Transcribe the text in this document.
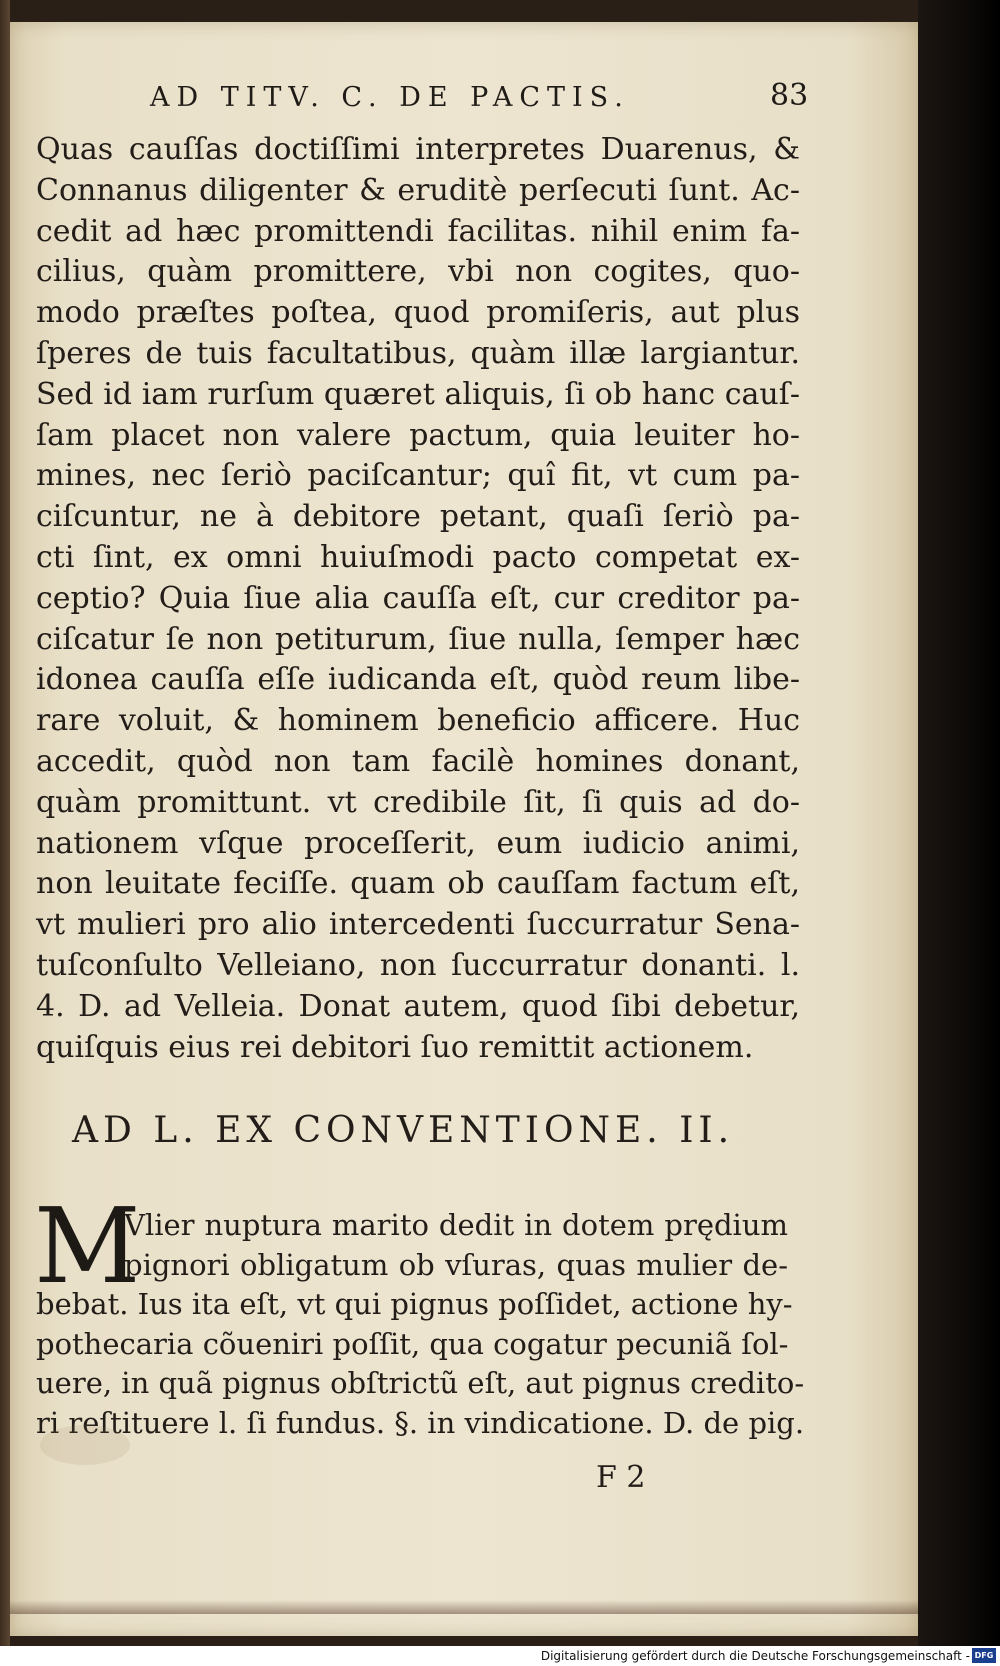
AD TITV. C. DE PACTIS.	83
Quas cauſſas doctiſſimi interpretes Duarenus, &
Connanus diligenter & eruditè perſecuti ſunt. Ac-
cedit ad hæc promittendi facilitas. nihil enim fa-
cilius, quàm promittere, vbi non cogites, quo-
modo præſtes poſtea, quod promiſeris, aut plus
ſperes de tuis facultatibus, quàm illæ largiantur.
Sed id iam rurſum quæret aliquis, ſi ob hanc cauſ-
ſam placet non valere pactum, quia leuiter ho-
mines, nec ſeriò paciſcantur; quî fit, vt cum pa-
ciſcuntur, ne à debitore petant, quaſi ſeriò pa-
cti ſint, ex omni huiuſmodi pacto competat ex-
ceptio? Quia ſiue alia cauſſa eſt, cur creditor pa-
ciſcatur ſe non petiturum, ſiue nulla, ſemper hæc
idonea cauſſa eſſe iudicanda eſt, quòd reum libe-
rare voluit, & hominem beneficio afficere. Huc
accedit, quòd non tam facilè homines donant,
quàm promittunt. vt credibile ſit, ſi quis ad do-
nationem vſque proceſſerit, eum iudicio animi,
non leuitate feciſſe. quam ob cauſſam factum eſt,
vt mulieri pro alio intercedenti ſuccurratur Sena-
tuſconſulto Velleiano, non ſuccurratur donanti. l.
4. D. ad Velleia. Donat autem, quod ſibi debetur,
quiſquis eius rei debitori ſuo remittit actionem.
AD L. EX CONVENTIONE. II.
M
Vlier nuptura marito dedit in dotem prędium
pignori obligatum ob vſuras, quas mulier de-
bebat. Ius ita eſt, vt qui pignus poſſidet, actione hy-
pothecaria cõueniri poſſit, qua cogatur pecuniã ſol-
uere, in quã pignus obſtrictũ eſt, aut pignus credito-
ri reſtituere l. ſi fundus. §. in vindicatione. D. de pig.
F 2
Digitalisierung gefördert durch die Deutsche Forschungsgemeinschaft - DFG
